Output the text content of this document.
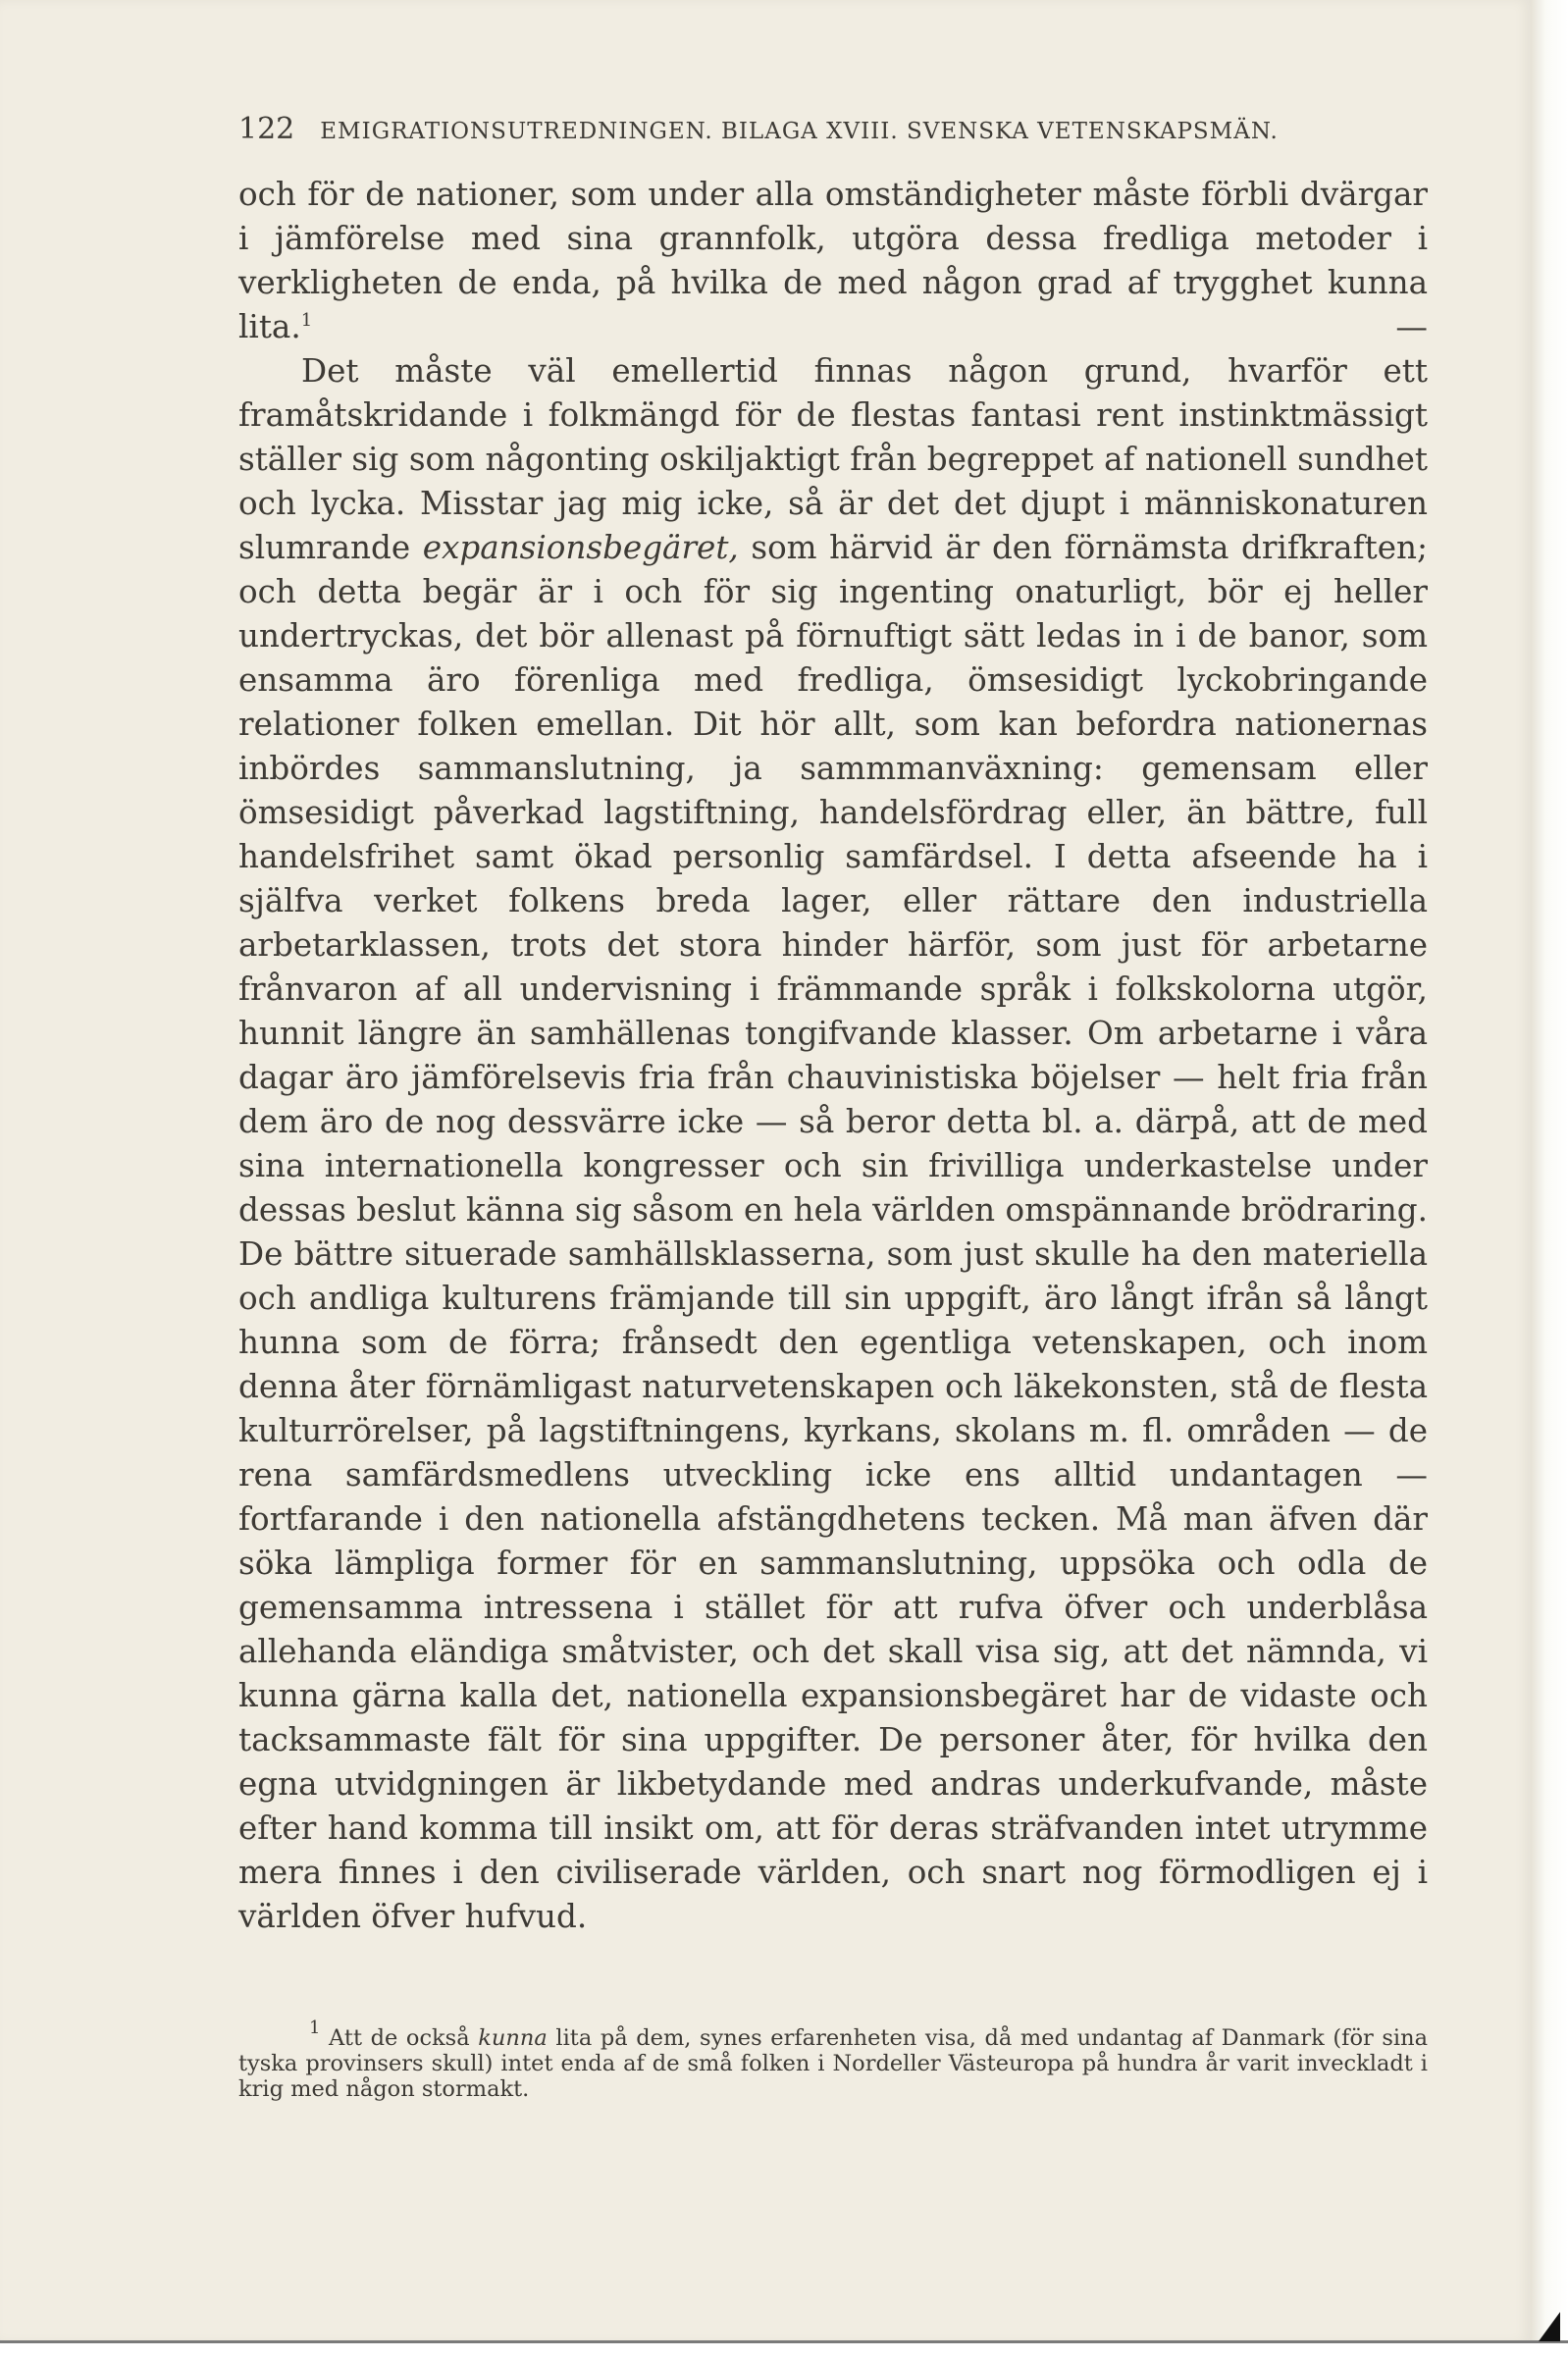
122 EMIGRATIONSUTREDNINGEN. BILAGA XVIII. SVENSKA VETENSKAPSMÄN.

och för de nationer, som under alla omständigheter måste förbli dvärgar i jämförelse med sina grannfolk, utgöra dessa fredliga metoder i verkligheten de enda, på hvilka de med någon grad af trygghet kunna lita.$^1$ —

Det måste väl emellertid finnas någon grund, hvarför ett framåtskridande i folkmängd för de flestas fantasi rent instinktmässigt ställer sig som någonting oskiljaktigt från begreppet af nationell sundhet och lycka. Misstar jag mig icke, så är det det djupt i människonaturen slumrande expansionsbegäret, som härvid är den förnämsta drifkraften; och detta begär är i och för sig ingenting onaturligt, bör ej heller undertryckas, det bör allenast på förnuftigt sätt ledas in i de banor, som ensamma äro förenliga med fredliga, ömsesidigt lyckobringande relationer folken emellan. Dit hör allt, som kan befordra nationernas inbördes sammanslutning, ja sammmanväxning: gemensam eller ömsesidigt påverkad lagstiftning, handelsfördrag eller, än bättre, full handelsfrihet samt ökad personlig samfärdsel. I detta afseende ha i själfva verket folkens breda lager, eller rättare den industriella arbetarklassen, trots det stora hinder härför, som just för arbetarne frånvaron af all undervisning i främmande språk i folkskolorna utgör, hunnit längre än samhällenas tongifvande klasser. Om arbetarne i våra dagar äro jämförelsevis fria från chauvinistiska böjelser — helt fria från dem äro de nog dessvärre icke — så beror detta bl. a. därpå, att de med sina internationella kongresser och sin frivilliga underkastelse under dessas beslut känna sig såsom en hela världen omspännande brödraring. De bättre situerade samhällsklasserna, som just skulle ha den materiella och andliga kulturens främjande till sin uppgift, äro långt ifrån så långt hunna som de förra; frånsedt den egentliga vetenskapen, och inom denna åter förnämligast naturvetenskapen och läkekonsten, stå de flesta kulturrörelser, på lagstiftningens, kyrkans, skolans m. fl. områden — de rena samfärdsmedlens utveckling icke ens alltid undantagen — fortfarande i den nationella afstängdhetens tecken. Må man äfven där söka lämpliga former för en sammanslutning, uppsöka och odla de gemensamma intressena i stället för att rufva öfver och underblåsa allehanda eländiga småtvister, och det skall visa sig, att det nämnda, vi kunna gärna kalla det, nationella expansionsbegäret har de vidaste och tacksammaste fält för sina uppgifter. De personer åter, för hvilka den egna utvidgningen är likbetydande med andras underkufvande, måste efter hand komma till insikt om, att för deras sträfvanden intet utrymme mera finnes i den civiliserade världen, och snart nog förmodligen ej i världen öfver hufvud.

$^1$ Att de också kunna lita på dem, synes erfarenheten visa, då med undantag af Danmark (för sina tyska provinsers skull) intet enda af de små folken i Nordeller Västeuropa på hundra år varit inveckladt i krig med någon stormakt.
